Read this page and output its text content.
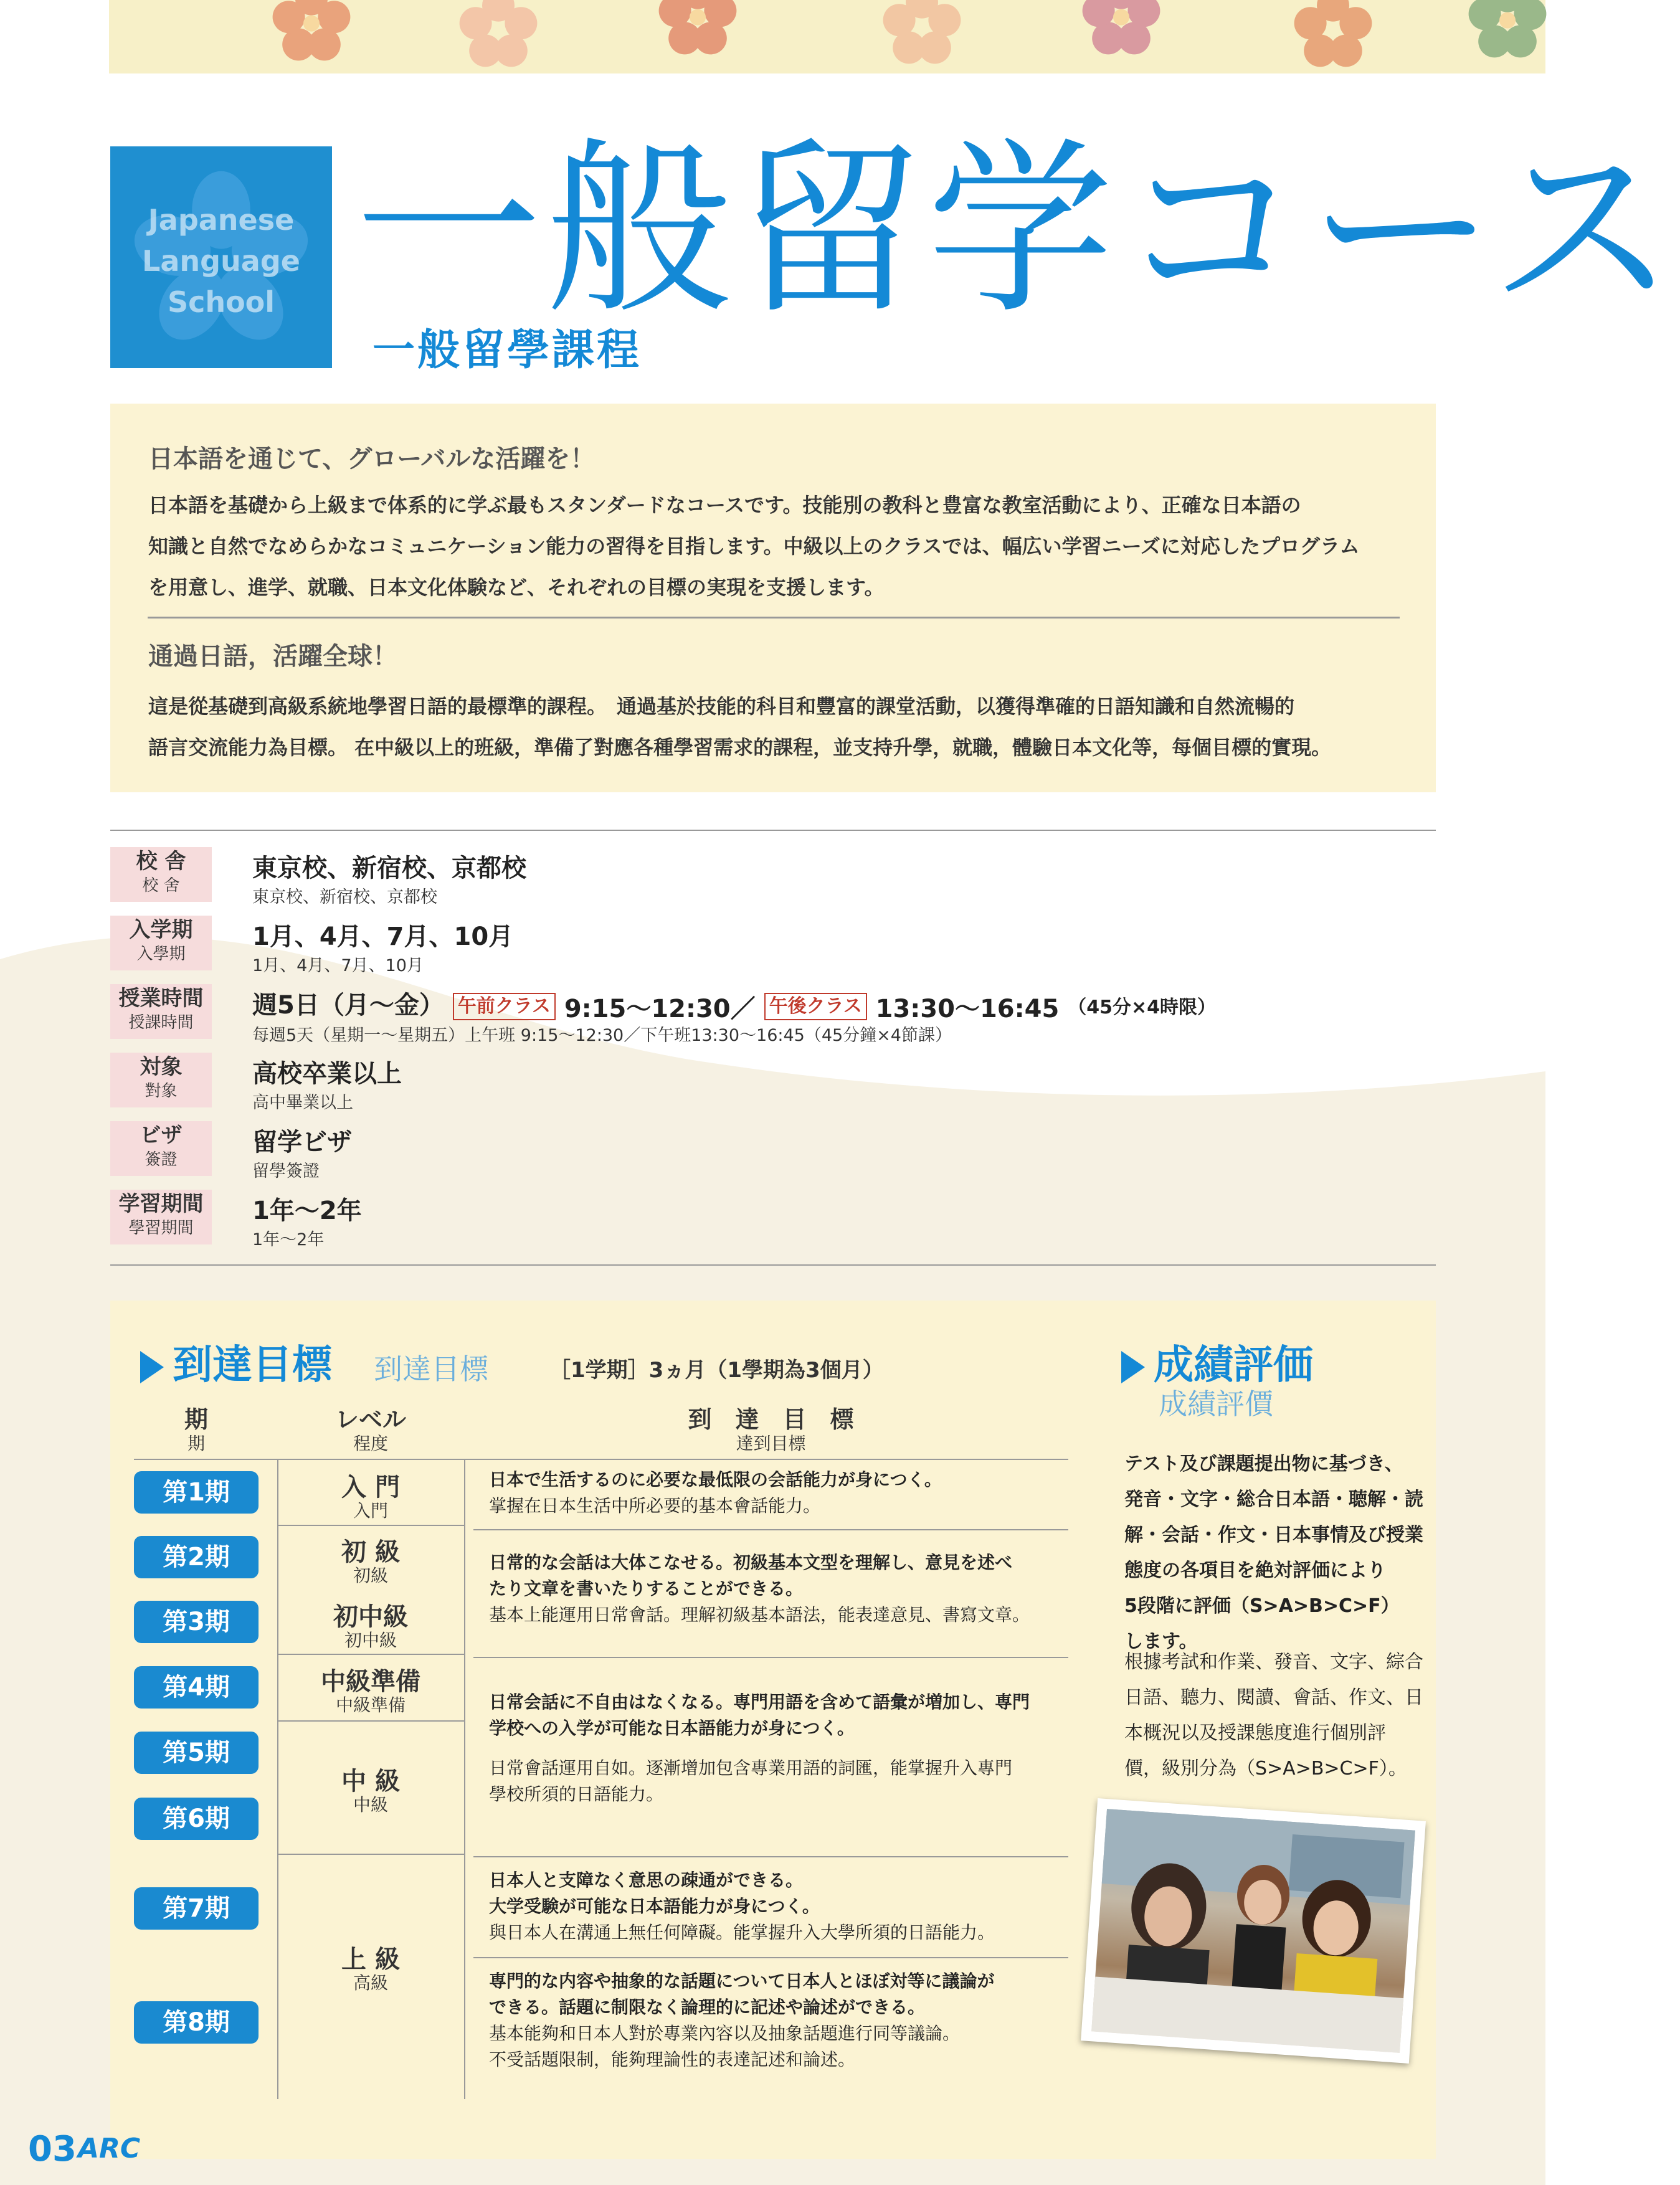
Japanese
Language
School 一般留学コース
一般留學課程
日本語を通じて、グローバルな活躍を！
日本語を基礎から上級まで体系的に学ぶ最もスタンダードなコースです。技能別の教科と豊富な教室活動により、正確な日本語の
知識と自然でなめらかなコミュニケーション能力の習得を目指します。中級以上のクラスでは、幅広い学習ニーズに対応したプログラム
を用意し、進学、就職、日本文化体験など、それぞれの目標の実現を支援します。
通過日語，活躍全球！
這是從基礎到高級系統地學習日語的最標準的課程。　通過基於技能的科目和豐富的課堂活動，以獲得準確的日語知識和自然流暢的
語言交流能力為目標。 在中級以上的班級，準備了對應各種學習需求的課程，並支持升學，就職，體驗日本文化等，每個目標的實現。
校 舎
校 舍
東京校、新宿校、京都校
東京校、新宿校、京都校
入学期
入學期
1月、4月、7月、10月
1月、4月、7月、10月
授業時間
授課時間
週5日（月〜金） 午前クラス 9:15〜12:30／ 午後クラス 13:30〜16:45 （45分×4時限）
每週5天（星期一〜星期五）上午班 9:15〜12:30／下午班13:30〜16:45（45分鐘×4節課）
対象
對象
高校卒業以上
高中畢業以上
ビザ
簽證
留学ビザ
留學簽證
学習期間
學習期間
1年〜2年
1年〜2年
到達目標 到達目標	［1学期］3ヵ月（1學期為3個月）
期
期
レベル
程度
到　達　目　標
達到目標
第1期
第2期
第3期
第4期
第5期
第6期
第7期
第8期
入 門
入門
初 級
初級
初中級
初中級
中級準備
中級準備
中 級
中級
上 級
高級
日本で生活するのに必要な最低限の会話能力が身につく。
掌握在日本生活中所必要的基本會話能力。
日常的な会話は大体こなせる。初級基本文型を理解し、意見を述べ
たり文章を書いたりすることができる。
基本上能運用日常會話。理解初級基本語法，能表達意見、書寫文章。
日常会話に不自由はなくなる。専門用語を含めて語彙が増加し、専門
学校への入学が可能な日本語能力が身につく。
日常會話運用自如。逐漸增加包含專業用語的詞匯，能掌握升入專門
學校所須的日語能力。
日本人と支障なく意思の疎通ができる。
大学受験が可能な日本語能力が身につく。
與日本人在溝通上無任何障礙。能掌握升入大學所須的日語能力。
専門的な内容や抽象的な話題について日本人とほぼ対等に議論が
できる。話題に制限なく論理的に記述や論述ができる。
基本能夠和日本人對於專業內容以及抽象話題進行同等議論。
不受話題限制，能夠理論性的表達記述和論述。
成績評価
成績評價
テスト及び課題提出物に基づき、
発音・文字・総合日本語・聴解・読
解・会話・作文・日本事情及び授業
態度の各項目を絶対評価により
5段階に評価（S>A>B>C>F）
します。
根據考試和作業、發音、文字、綜合
日語、聽力、閱讀、會話、作文、日
本概況以及授課態度進行個別評
價，級別分為（S>A>B>C>F）。
03 ARC
